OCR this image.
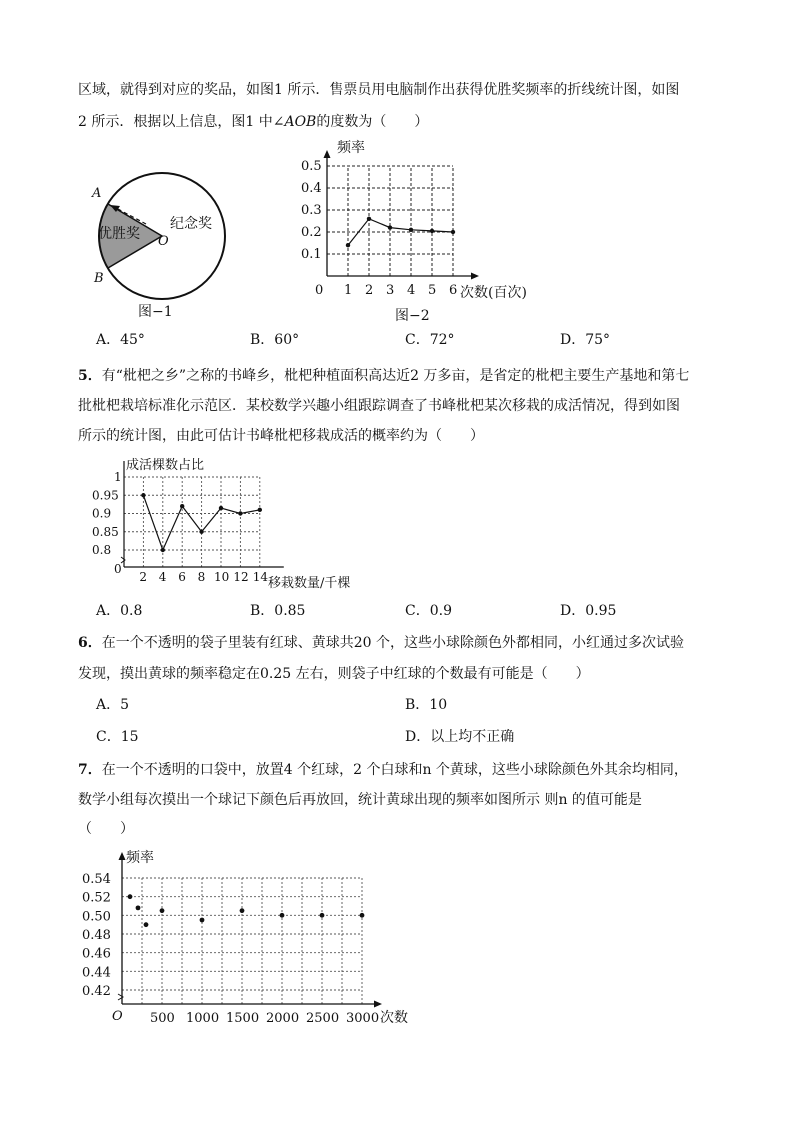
区域，就得到对应的奖品，如图1 所示．售票员用电脑制作出获得优胜奖频率的折线统计图，如图
2 所示．根据以上信息，图1 中∠AOB的度数为（　　）
A
B
O
优胜奖
纪念奖
图−1
频率
次数(百次)
0
图−2
1 2 3 4 5 6
0.1
0.2
0.3
0.4
0.5
A．45°	B．60°	C．72°	D．75°
5．有“枇杷之乡”之称的书峰乡，枇杷种植面积高达近2 万多亩，是省定的枇杷主要生产基地和第七
批枇杷栽培标准化示范区．某校数学兴趣小组跟踪调查了书峰枇杷某次移栽的成活情况，得到如图
所示的统计图，由此可估计书峰枇杷移栽成活的概率约为（　　）
成活棵数占比
移栽数量/千棵
0
2 4 6 8 10 12 14
0.8
0.85
0.9
0.95
1
A．0.8	B．0.85	C．0.9	D．0.95
6．在一个不透明的袋子里装有红球、黄球共20 个，这些小球除颜色外都相同，小红通过多次试验
发现，摸出黄球的频率稳定在0.25 左右，则袋子中红球的个数最有可能是（　　）
A．5	B．10
C．15	D．以上均不正确
7．在一个不透明的口袋中，放置4 个红球，2 个白球和n 个黄球，这些小球除颜色外其余均相同，
数学小组每次摸出一个球记下颜色后再放回，统计黄球出现的频率如图所示 则n 的值可能是
（　　）
频率
次数
O
0.42
0.44
0.46
0.48
0.50
0.52
0.54
500 1000 1500 2000 2500 3000
